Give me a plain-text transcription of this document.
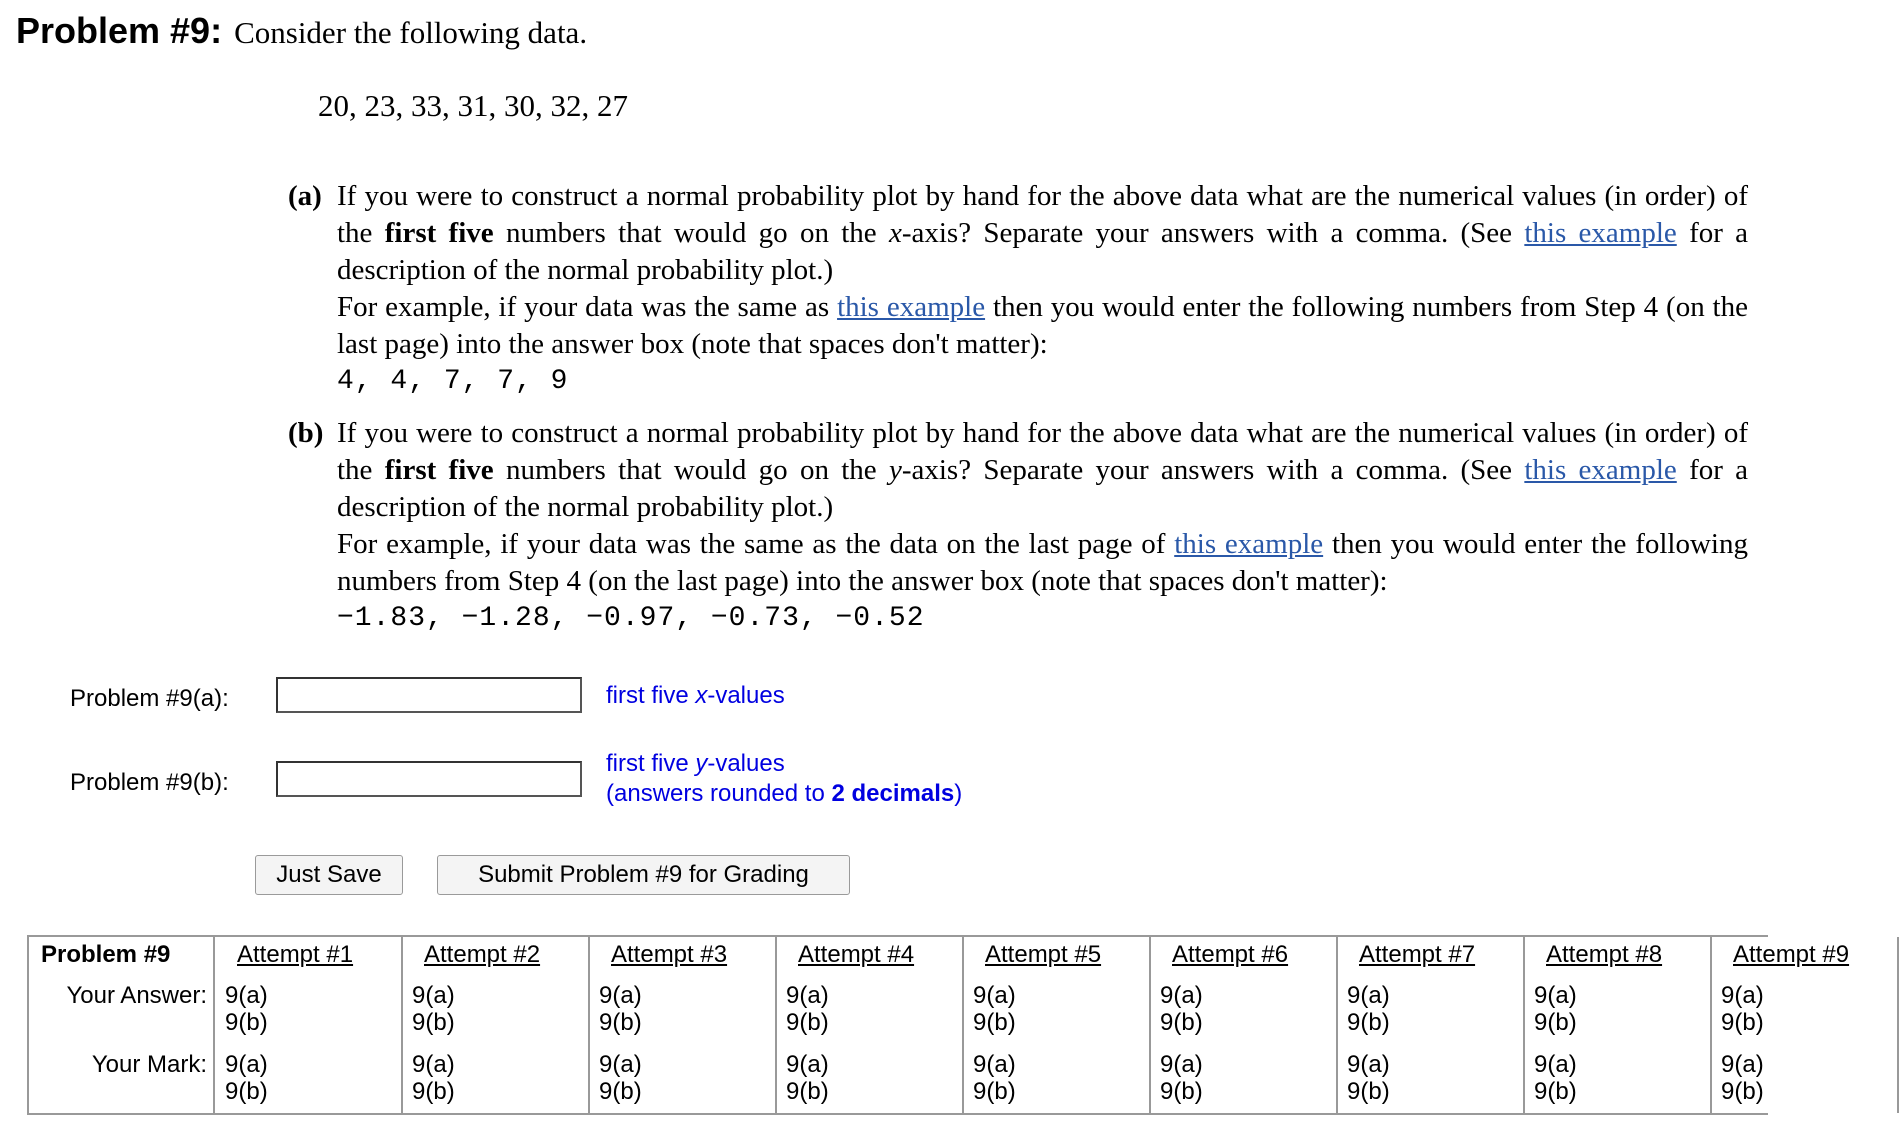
Problem #9: Consider the following data.
20, 23, 33, 31, 30, 32, 27
(a) If you were to construct a normal probability plot by hand for the above data what are the numerical values (in order) of the first five numbers that would go on the x-axis? Separate your answers with a comma. (See this example for a description of the normal probability plot.)
For example, if your data was the same as this example then you would enter the following numbers from Step 4 (on the last page) into the answer box (note that spaces don't matter):
4, 4, 7, 7, 9
(b) If you were to construct a normal probability plot by hand for the above data what are the numerical values (in order) of the first five numbers that would go on the y-axis? Separate your answers with a comma. (See this example for a description of the normal probability plot.)
For example, if your data was the same as the data on the last page of this example then you would enter the following numbers from Step 4 (on the last page) into the answer box (note that spaces don't matter):
−1.83, −1.28, −0.97, −0.73, −0.52
Problem #9(a):	first five x-values
Problem #9(b):
first five y-values
(answers rounded to 2 decimals)
Just Save	Submit Problem #9 for Grading
Problem #9
Your Answer:
Your Mark:
Attempt #1
9(a)
9(b)
9(a)
9(b)
Attempt #2
9(a)
9(b)
9(a)
9(b)
Attempt #3
9(a)
9(b)
9(a)
9(b)
Attempt #4
9(a)
9(b)
9(a)
9(b)
Attempt #5
9(a)
9(b)
9(a)
9(b)
Attempt #6
9(a)
9(b)
9(a)
9(b)
Attempt #7
9(a)
9(b)
9(a)
9(b)
Attempt #8
9(a)
9(b)
9(a)
9(b)
Attempt #9
9(a)
9(b)
9(a)
9(b)
